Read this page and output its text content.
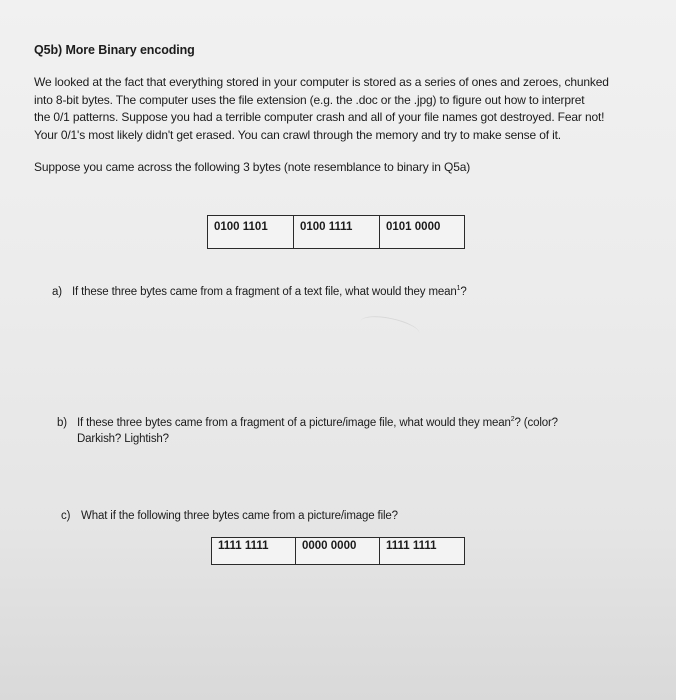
Q5b) More Binary encoding
We looked at the fact that everything stored in your computer is stored as a series of ones and zeroes, chunked
into 8-bit bytes. The computer uses the file extension (e.g. the .doc or the .jpg) to figure out how to interpret
the 0/1 patterns. Suppose you had a terrible computer crash and all of your file names got destroyed. Fear not!
Your 0/1's most likely didn't get erased. You can crawl through the memory and try to make sense of it.
Suppose you came across the following 3 bytes (note resemblance to binary in Q5a)
0100 1101	0100 1111	0101 0000
a) If these three bytes came from a fragment of a text file, what would they mean$^1$?
b) If these three bytes came from a fragment of a picture/image file, what would they mean$^2$? (color?
Darkish? Lightish?
c) What if the following three bytes came from a picture/image file?
1111 1111	0000 0000	1111 1111
